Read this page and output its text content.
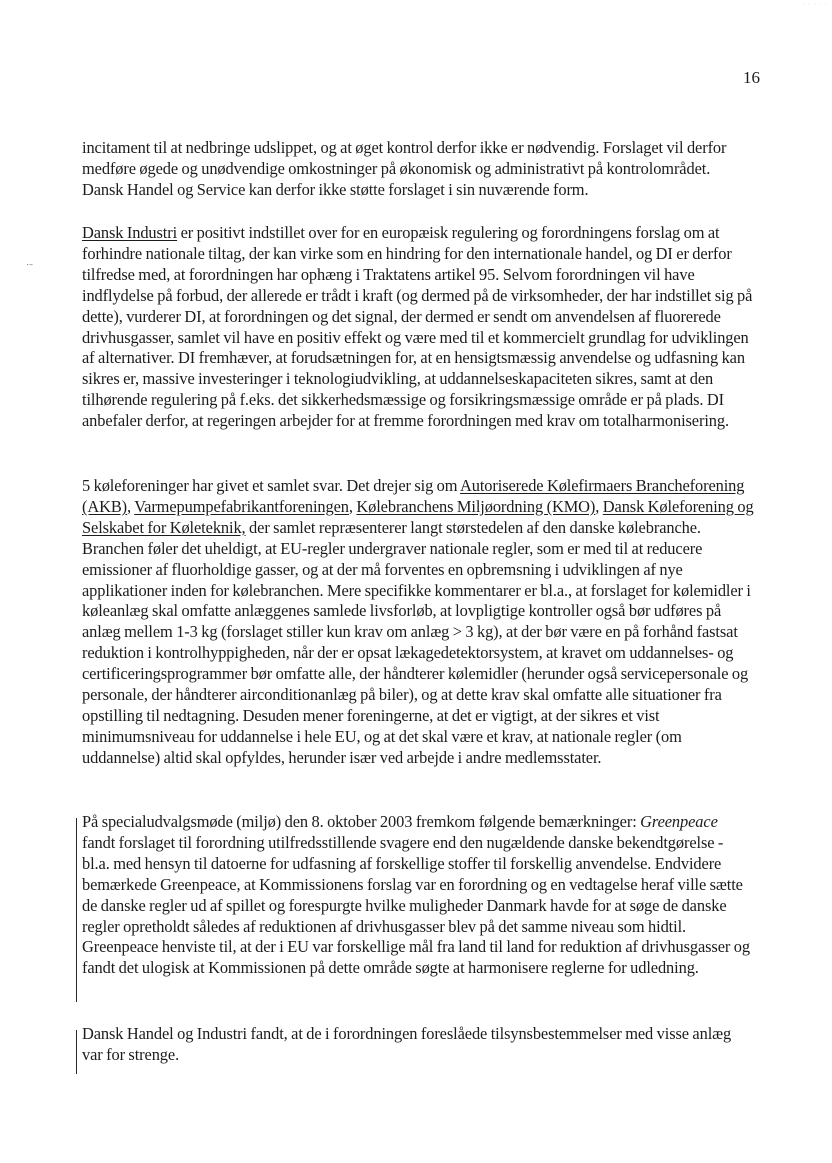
·· ·· ·
˙ˉ
16

incitament til at nedbringe udslippet, og at øget kontrol derfor ikke er nødvendig. Forslaget vil derfor medføre øgede og unødvendige omkostninger på økonomisk og administrativt på kontrolområdet. Dansk Handel og Service kan derfor ikke støtte forslaget i sin nuværende form.

Dansk Industri er positivt indstillet over for en europæisk regulering og forordningens forslag om at forhindre nationale tiltag, der kan virke som en hindring for den internationale handel, og DI er derfor tilfredse med, at forordningen har ophæng i Traktatens artikel 95. Selvom forordningen vil have indflydelse på forbud, der allerede er trådt i kraft (og dermed på de virksomheder, der har indstillet sig på dette), vurderer DI, at forordningen og det signal, der dermed er sendt om anvendelsen af fluorerede drivhusgasser, samlet vil have en positiv effekt og være med til et kommercielt grundlag for udviklingen af alternativer. DI fremhæver, at forudsætningen for, at en hensigtsmæssig anvendelse og udfasning kan sikres er, massive investeringer i teknologiudvikling, at uddannelseskapaciteten sikres, samt at den tilhørende regulering på f.eks. det sikkerhedsmæssige og forsikringsmæssige område er på plads. DI anbefaler derfor, at regeringen arbejder for at fremme forordningen med krav om totalharmonisering.

5 køleforeninger har givet et samlet svar. Det drejer sig om Autoriserede Kølefirmaers Brancheforening (AKB), Varmepumpefabrikantforeningen, Kølebranchens Miljøordning (KMO), Dansk Køleforening og Selskabet for Køleteknik, der samlet repræsenterer langt størstedelen af den danske kølebranche. Branchen føler det uheldigt, at EU-regler undergraver nationale regler, som er med til at reducere emissioner af fluorholdige gasser, og at der må forventes en opbremsning i udviklingen af nye applikationer inden for kølebranchen. Mere specifikke kommentarer er bl.a., at forslaget for kølemidler i køleanlæg skal omfatte anlæggenes samlede livsforløb, at lovpligtige kontroller også bør udføres på anlæg mellem 1-3 kg (forslaget stiller kun krav om anlæg > 3 kg), at der bør være en på forhånd fastsat reduktion i kontrolhyppigheden, når der er opsat lækagedetektorsystem, at kravet om uddannelses- og certificeringsprogrammer bør omfatte alle, der håndterer kølemidler (herunder også servicepersonale og personale, der håndterer airconditionanlæg på biler), og at dette krav skal omfatte alle situationer fra opstilling til nedtagning. Desuden mener foreningerne, at det er vigtigt, at der sikres et vist minimumsniveau for uddannelse i hele EU, og at det skal være et krav, at nationale regler (om uddannelse) altid skal opfyldes, herunder især ved arbejde i andre medlemsstater.

På specialudvalgsmøde (miljø) den 8. oktober 2003 fremkom følgende bemærkninger: Greenpeace fandt forslaget til forordning utilfredsstillende svagere end den nugældende danske bekendtgørelse - bl.a. med hensyn til datoerne for udfasning af forskellige stoffer til forskellig anvendelse. Endvidere bemærkede Greenpeace, at Kommissionens forslag var en forordning og en vedtagelse heraf ville sætte de danske regler ud af spillet og forespurgte hvilke muligheder Danmark havde for at søge de danske regler opretholdt således af reduktionen af drivhusgasser blev på det samme niveau som hidtil. Greenpeace henviste til, at der i EU var forskellige mål fra land til land for reduktion af drivhusgasser og fandt det ulogisk at Kommissionen på dette område søgte at harmonisere reglerne for udledning.

Dansk Handel og Industri fandt, at de i forordningen foreslåede tilsynsbestemmelser med visse anlæg var for strenge.
